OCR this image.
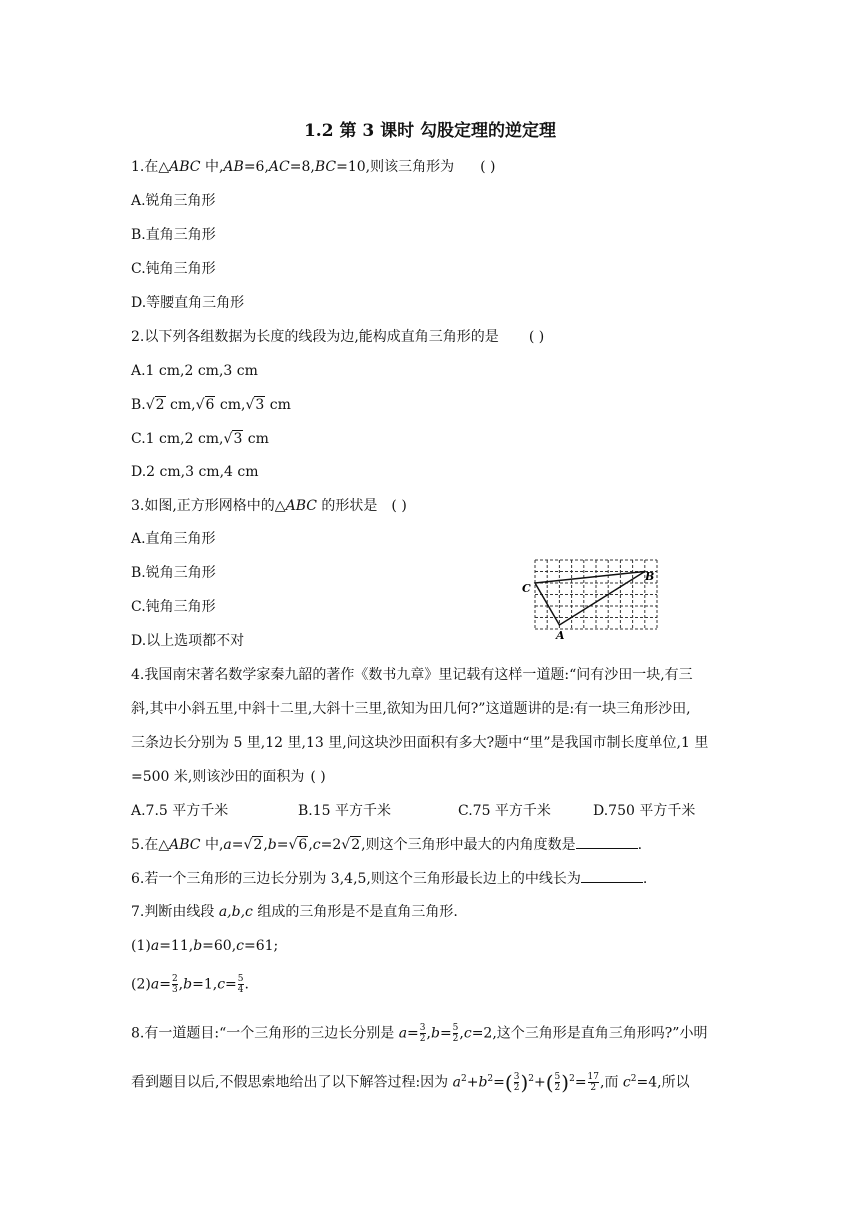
1.2 第 3 课时 勾股定理的逆定理
1.在△ABC 中,AB=6,AC=8,BC=10,则该三角形为 ( )
A.锐角三角形
B.直角三角形
C.钝角三角形
D.等腰直角三角形
2.以下列各组数据为长度的线段为边,能构成直角三角形的是 ( )
A.1 cm,2 cm,3 cm
B.√2 cm,√6 cm,√3 cm
C.1 cm,2 cm,√3 cm
D.2 cm,3 cm,4 cm
3.如图,正方形网格中的△ABC 的形状是 ( )
A.直角三角形
B.锐角三角形
C.钝角三角形
D.以上选项都不对
C
B
A
4.我国南宋著名数学家秦九韶的著作《数书九章》里记载有这样一道题:“问有沙田一块,有三
斜,其中小斜五里,中斜十二里,大斜十三里,欲知为田几何?”这道题讲的是:有一块三角形沙田,
三条边长分别为 5 里,12 里,13 里,问这块沙田面积有多大?题中“里”是我国市制长度单位,1 里
=500 米,则该沙田的面积为 ( )
A.7.5 平方千米	B.15 平方千米	C.75 平方千米	D.750 平方千米
5.在△ABC 中,a=√2,b=√6,c=2√2,则这个三角形中最大的内角度数是	.
6.若一个三角形的三边长分别为 3,4,5,则这个三角形最长边上的中线长为	.
7.判断由线段 a,b,c 组成的三角形是不是直角三角形.
(1)a=11,b=60,c=61;
$(2)a= \frac{2}{3} ,b=1,c= \frac{5}{4}$ .
8.有一道题目:“一个三角形的三边长分别是 $a= \frac{3}{2} ,b= \frac{5}{2} ,c=2$,这个三角形是直角三角形吗?”小明
看到题目以后,不假思索地给出了以下解答过程:因为 $a^2+b^2=( \frac{3}{2} )^2+( \frac{5}{2} )^2= \frac{17}{2}$ ,而 $c^2=4$,所以
